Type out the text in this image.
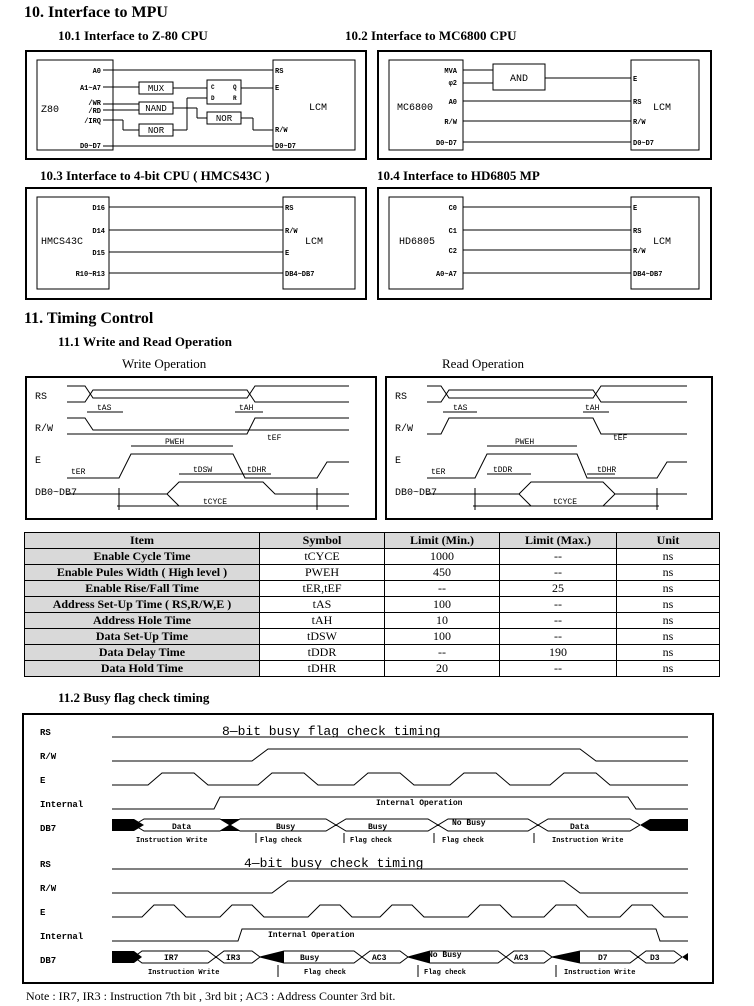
10. Interface to MPU
10.1 Interface to Z-80 CPU	10.2 Interface to MC6800 CPU
Z80	LCM
A0
A1~A7
/WR
/RD
/IRQ
D0~D7
RS
E
R/W
D0~D7
MUX
NAND
NOR
C	Q
D	R
NOR
MC6800	LCM
MVA
φ2
A0
R/W
D0~D7
E
RS
R/W
D0~D7
AND
10.3 Interface to 4-bit CPU ( HMCS43C )	10.4 Interface to HD6805 MP
HMCS43C	LCM
D16
D14
D15
R10~R13
RS
R/W
E
DB4~DB7
HD6805	LCM
C0
C1
C2
A0~A7
E
RS
R/W
DB4~DB7
11. Timing Control
11.1 Write and Read Operation
Write Operation	Read Operation
RS
R/W
E
DB0~DB7
tAS	tAH
PWEH	tEF
tER	tDSW	tDHR
tCYCE
RS
R/W
E
DB0~DB7
tAS	tAH
PWEH	tEF
tER	tDDR	tDHR
tCYCE
Item	Symbol	Limit (Min.)	Limit (Max.)	Unit
Enable Cycle Time	tCYCE	1000	--	ns
Enable Pules Width ( High level )	PWEH	450	--	ns
Enable Rise/Fall Time	tER,tEF	--	25	ns
Address Set-Up Time ( RS,R/W,E )	tAS	100	--	ns
Address Hole Time	tAH	10	--	ns
Data Set-Up Time	tDSW	100	--	ns
Data Delay Time	tDDR	--	190	ns
Data Hold Time	tDHR	20	--	ns
11.2 Busy flag check timing
8—bit busy flag check timing
RS
R/W
E
Internal
DB7
Internal Operation
Data	Busy	Busy	No Busy	Data
Instruction Write	Flag check	Flag check	Flag check	Instruction Write
4—bit busy check timing
RS
R/W
E
Internal
DB7
Internal Operation
IR7	IR3	Busy	AC3	No Busy	AC3	D7	D3
Instruction Write	Flag check	Flag check	Instruction Write
Note : IR7, IR3 : Instruction 7th bit , 3rd bit ; AC3 : Address Counter 3rd bit.
